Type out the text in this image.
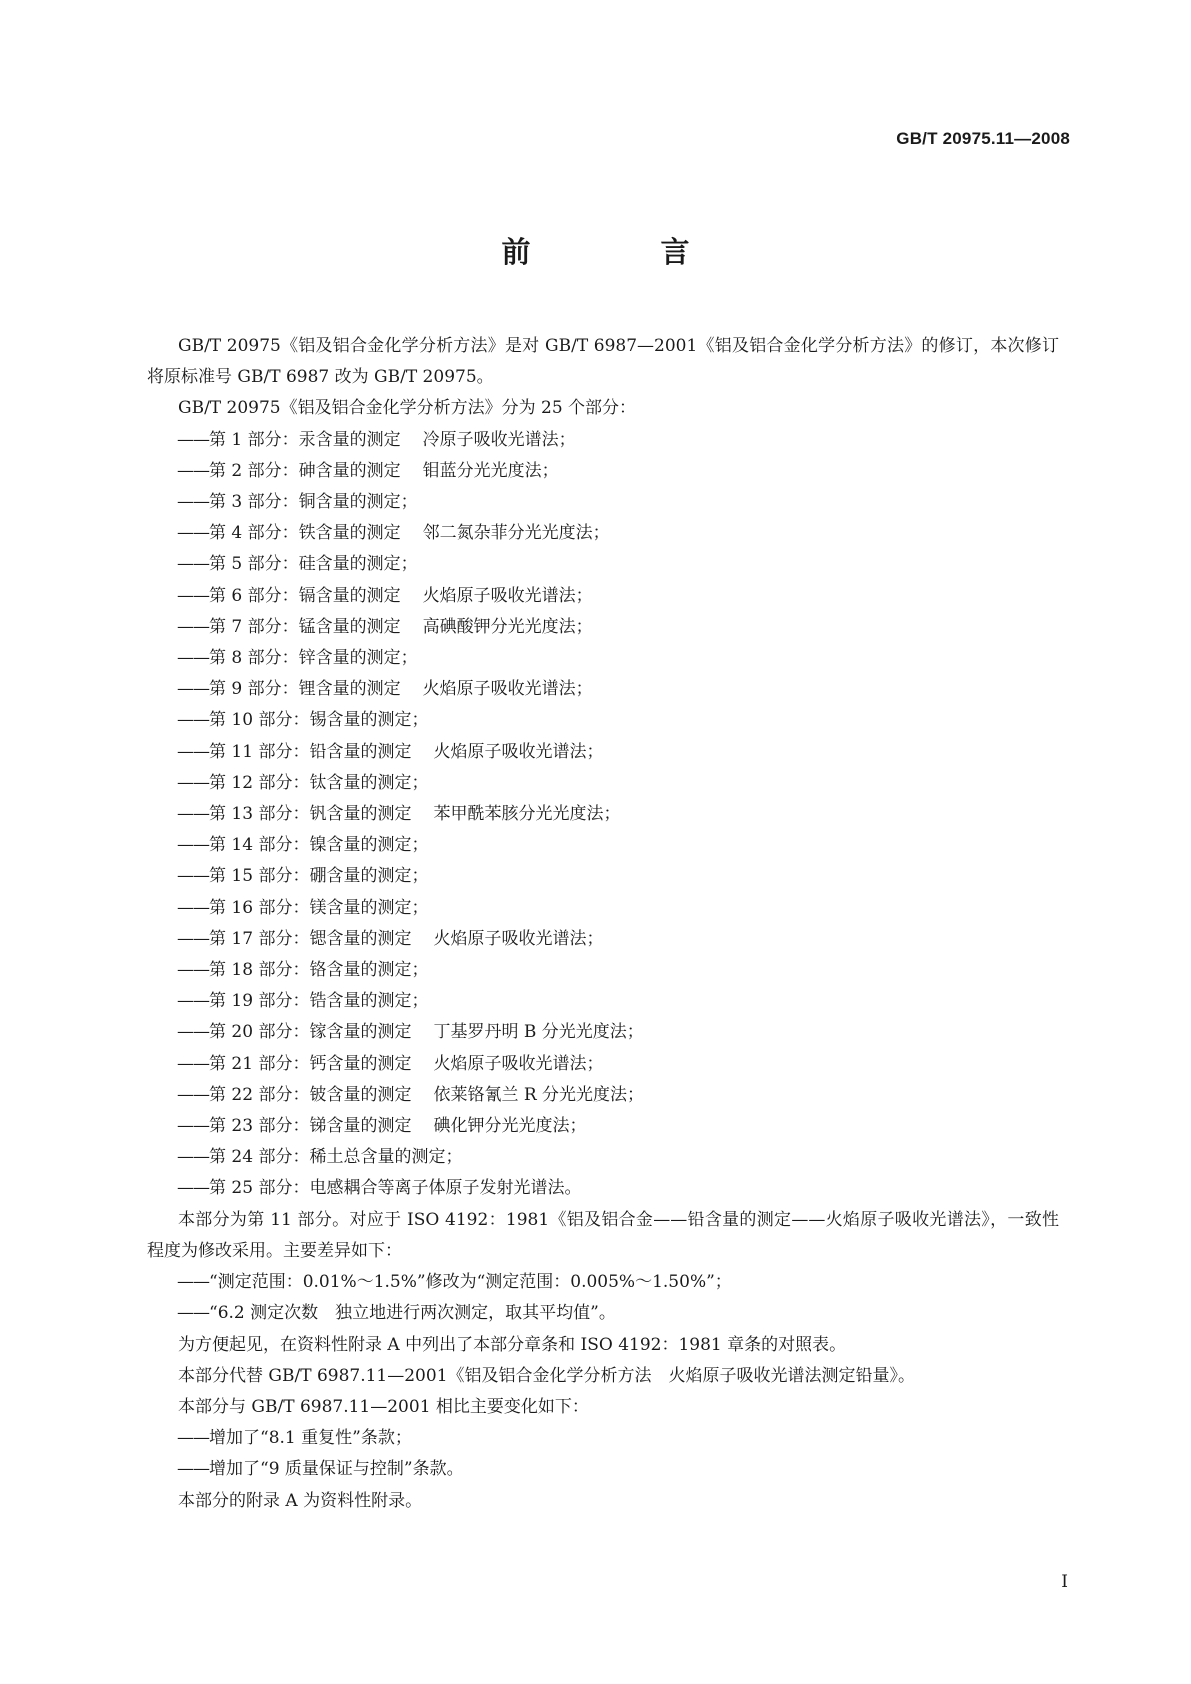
GB/T 20975.11—2008
前 言

GB/T 20975《铝及铝合金化学分析方法》是对 GB/T 6987—2001《铝及铝合金化学分析方法》的修订，本次修订将原标准号 GB/T 6987 改为 GB/T 20975。

GB/T 20975《铝及铝合金化学分析方法》分为 25 个部分：

——第 1 部分：汞含量的测定 冷原子吸收光谱法；

——第 2 部分：砷含量的测定 钼蓝分光光度法；

——第 3 部分：铜含量的测定；

——第 4 部分：铁含量的测定 邻二氮杂菲分光光度法；

——第 5 部分：硅含量的测定；

——第 6 部分：镉含量的测定 火焰原子吸收光谱法；

——第 7 部分：锰含量的测定 高碘酸钾分光光度法；

——第 8 部分：锌含量的测定；

——第 9 部分：锂含量的测定 火焰原子吸收光谱法；

——第 10 部分：锡含量的测定；

——第 11 部分：铅含量的测定 火焰原子吸收光谱法；

——第 12 部分：钛含量的测定；

——第 13 部分：钒含量的测定 苯甲酰苯胲分光光度法；

——第 14 部分：镍含量的测定；

——第 15 部分：硼含量的测定；

——第 16 部分：镁含量的测定；

——第 17 部分：锶含量的测定 火焰原子吸收光谱法；

——第 18 部分：铬含量的测定；

——第 19 部分：锆含量的测定；

——第 20 部分：镓含量的测定 丁基罗丹明 B 分光光度法；

——第 21 部分：钙含量的测定 火焰原子吸收光谱法；

——第 22 部分：铍含量的测定 依莱铬氰兰 R 分光光度法；

——第 23 部分：锑含量的测定 碘化钾分光光度法；

——第 24 部分：稀土总含量的测定；

——第 25 部分：电感耦合等离子体原子发射光谱法。

本部分为第 11 部分。对应于 ISO 4192：1981《铝及铝合金——铅含量的测定——火焰原子吸收光谱法》，一致性程度为修改采用。主要差异如下：

——“测定范围：0.01%～1.5%”修改为“测定范围：0.005%～1.50%”；

——“6.2 测定次数　独立地进行两次测定，取其平均值”。

为方便起见，在资料性附录 A 中列出了本部分章条和 ISO 4192：1981 章条的对照表。

本部分代替 GB/T 6987.11—2001《铝及铝合金化学分析方法　火焰原子吸收光谱法测定铅量》。

本部分与 GB/T 6987.11—2001 相比主要变化如下：

——增加了“8.1 重复性”条款；

——增加了“9 质量保证与控制”条款。

本部分的附录 A 为资料性附录。

I
